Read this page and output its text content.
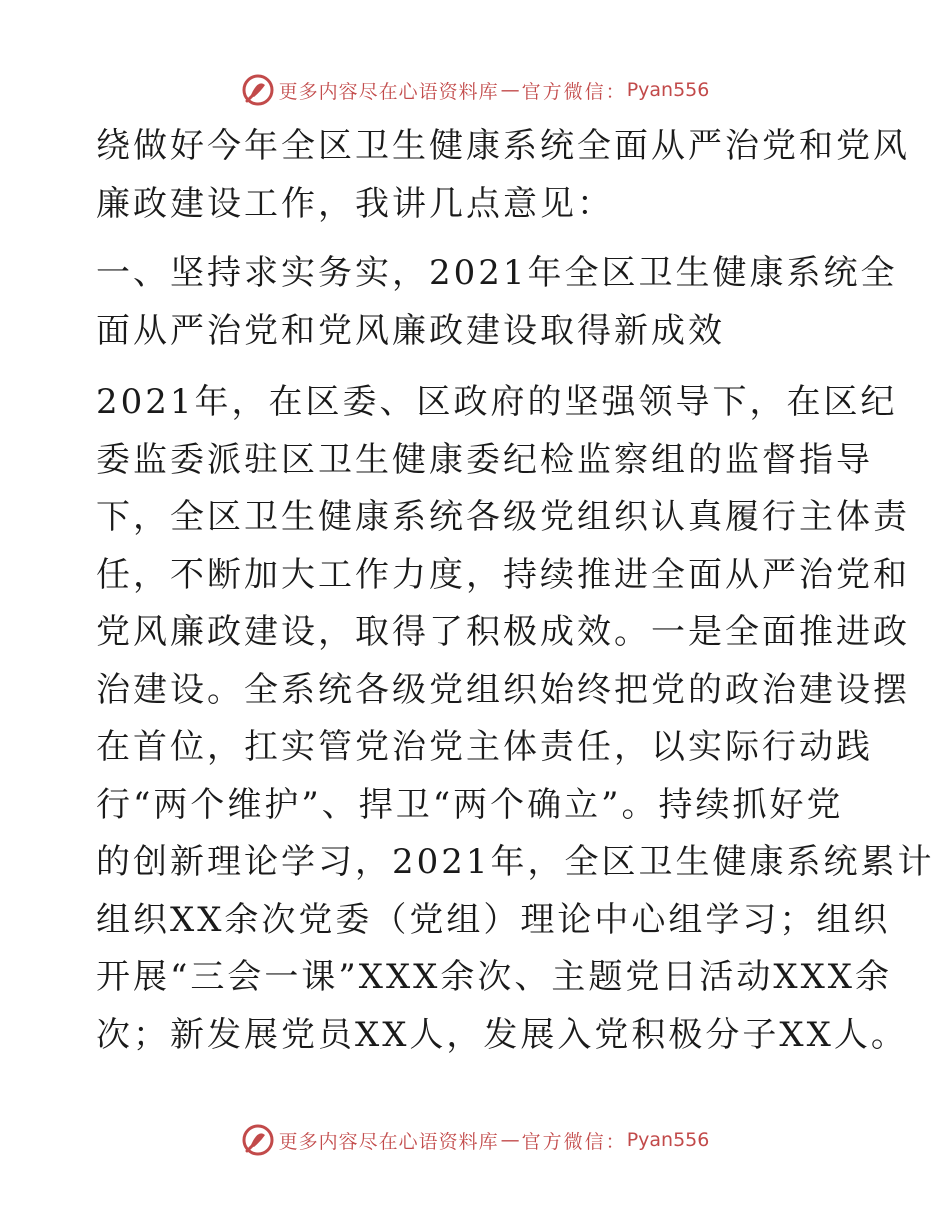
更多内容尽在心语资料库 — 官方微信： Pyan556

绕做好今年全区卫生健康系统全面从严治党和党风
廉政建设工作，我讲几点意见：

一、坚持求实务实，2021年全区卫生健康系统全
面从严治党和党风廉政建设取得新成效

2021年，在区委、区政府的坚强领导下，在区纪
委监委派驻区卫生健康委纪检监察组的监督指导
下，全区卫生健康系统各级党组织认真履行主体责
任，不断加大工作力度，持续推进全面从严治党和
党风廉政建设，取得了积极成效。一是全面推进政
治建设。全系统各级党组织始终把党的政治建设摆
在首位，扛实管党治党主体责任，以实际行动践
行“两个维护”、捍卫“两个确立”。持续抓好党
的创新理论学习，2021年，全区卫生健康系统累计
组织XX余次党委（党组）理论中心组学习；组织
开展“三会一课”XXX余次、主题党日活动XXX余
次；新发展党员XX人，发展入党积极分子XX人。

更多内容尽在心语资料库 — 官方微信： Pyan556
